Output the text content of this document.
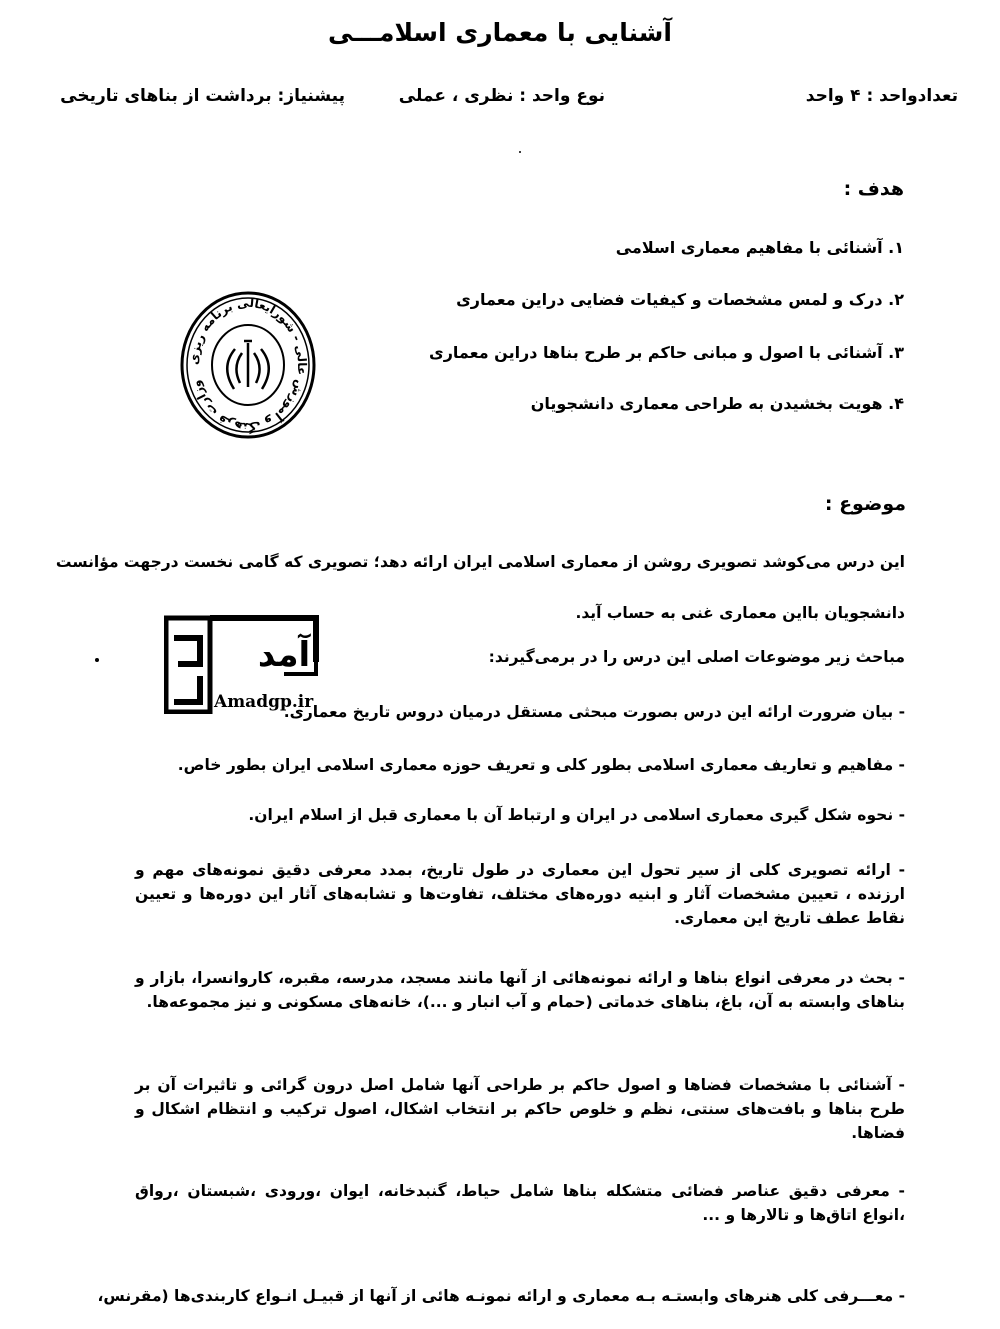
آشنایی با معماری اسلامـــی
تعدادواحد : ۴ واحد
نوع واحد : نظری ، عملی
پیشنیاز: برداشت از بناهای تاریخی
هدف :
۱. آشنائی با مفاهیم معماری اسلامی
۲. درک و لمس مشخصات و کیفیات فضایی دراین معماری
۳. آشنائی با اصول و مبانی حاکم بر طرح بناها دراین معماری
۴. هویت بخشیدن به طراحی معماری دانشجویان
وزارت فرهنگ و آموزش عالی - شورایعالی برنامه ریزی
موضوع :
این درس می‌کوشد تصویری روشن از معماری اسلامی ایران ارائه دهد؛ تصویری که گامی نخست درجهت مؤانست
دانشجویان بااین معماری غنی به حساب آید.
مباحث زیر موضوعات اصلی این درس را در برمی‌گیرند:
آمد
Amadgp.ir
- بیان ضرورت ارائه این درس بصورت مبحثی مستقل درمیان دروس تاریخ معماری.
- مفاهیم و تعاریف معماری اسلامی بطور کلی و تعریف حوزه معماری اسلامی ایران بطور خاص.
- نحوه شکل گیری معماری اسلامی در ایران و ارتباط آن با معماری قبل از اسلام ایران.
- ارائه تصویری کلی از سیر تحول این معماری در طول تاریخ، بمدد معرفی دقیق نمونه‌های مهم و ارزنده ، تعیین مشخصات آثار و ابنیه دوره‌های مختلف، تفاوت‌ها و تشابه‌های آثار این دوره‌ها و تعیین نقاط عطف تاریخ این معماری.
- بحث در معرفی انواع بناها و ارائه نمونه‌هائی از آنها مانند مسجد، مدرسه، مقبره، کاروانسرا، بازار و بناهای وابسته به آن، باغ، بناهای خدماتی (حمام و آب انبار و ...)، خانه‌های مسکونی و نیز مجموعه‌ها.
- آشنائی با مشخصات فضاها و اصول حاکم بر طراحی آنها شامل اصل درون گرائی و تاثیرات آن بر طرح بناها و بافت‌های سنتی، نظم و خلوص حاکم بر انتخاب اشکال، اصول ترکیب و انتظام اشکال و فضاها.
- معرفی دقیق عناصر فضائی متشکله بناها شامل حیاط، گنبدخانه، ایوان ،ورودی ،شبستان ،رواق ،انواع اتاق‌ها و تالارها و ...
- معـــرفی کلی هنرهای وابستـه بـه معماری و ارائه نمونـه هائی از آنها از قبیـل انـواع کاربندی‌ها (مقرنس،
